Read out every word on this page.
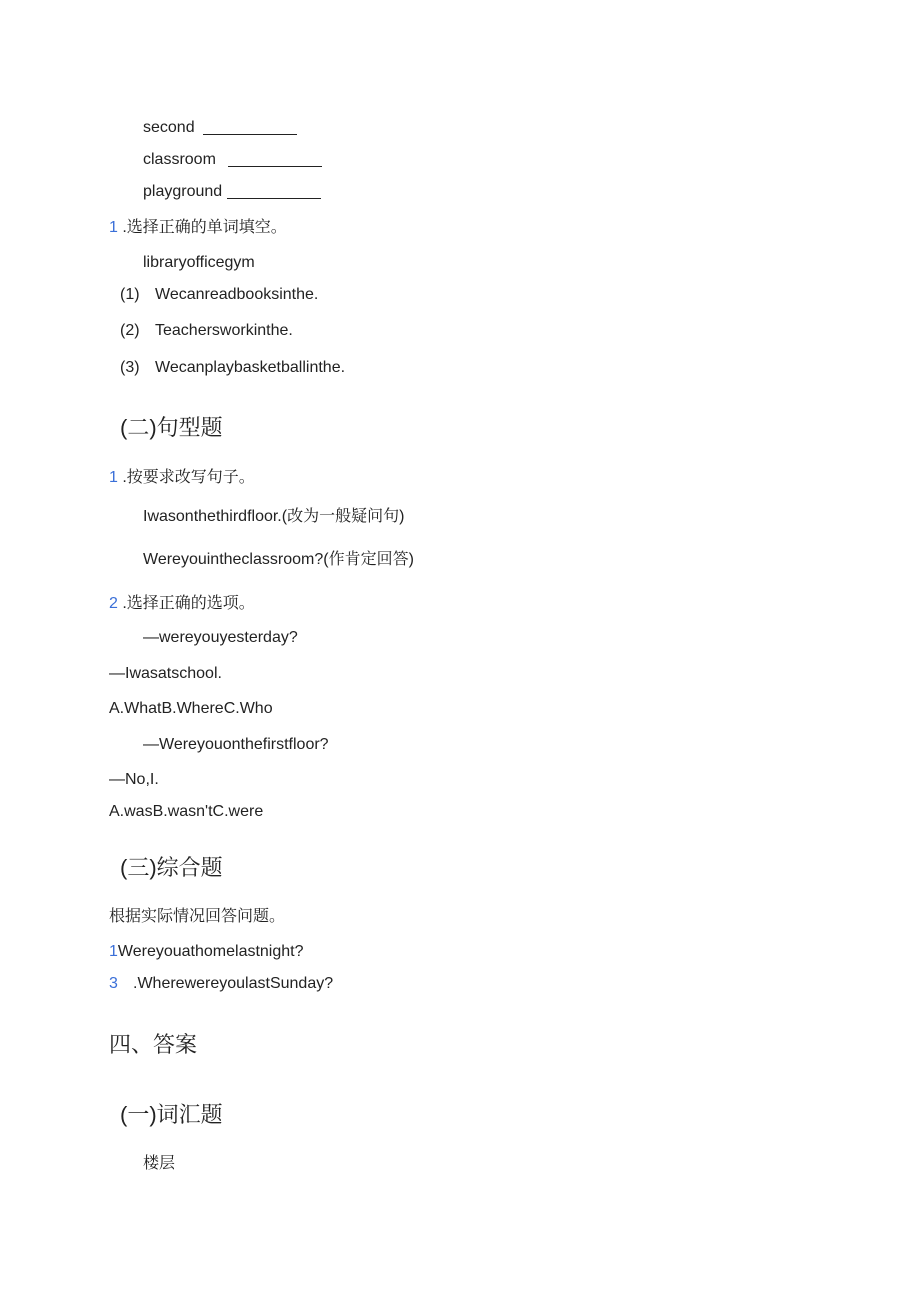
second
classroom
playground
1 .选择正确的单词填空。
libraryofficegym
(1) Wecanreadbooksinthe.
(2) Teachersworkinthe.
(3) Wecanplaybasketballinthe.
(二)句型题
1 .按要求改写句子。
Iwasonthethirdfloor.(改为一般疑问句)
Wereyouintheclassroom?(作肯定回答)
2 .选择正确的选项。
—wereyouyesterday?
—Iwasatschool.
A.WhatB.WhereC.Who
—Wereyouonthefirstfloor?
—No,I.
A.wasB.wasn'tC.were
(三)综合题
根据实际情况回答问题。
1Wereyouathomelastnight?
3 .WherewereyoulastSunday?
四、答案
(一)词汇题
楼层
